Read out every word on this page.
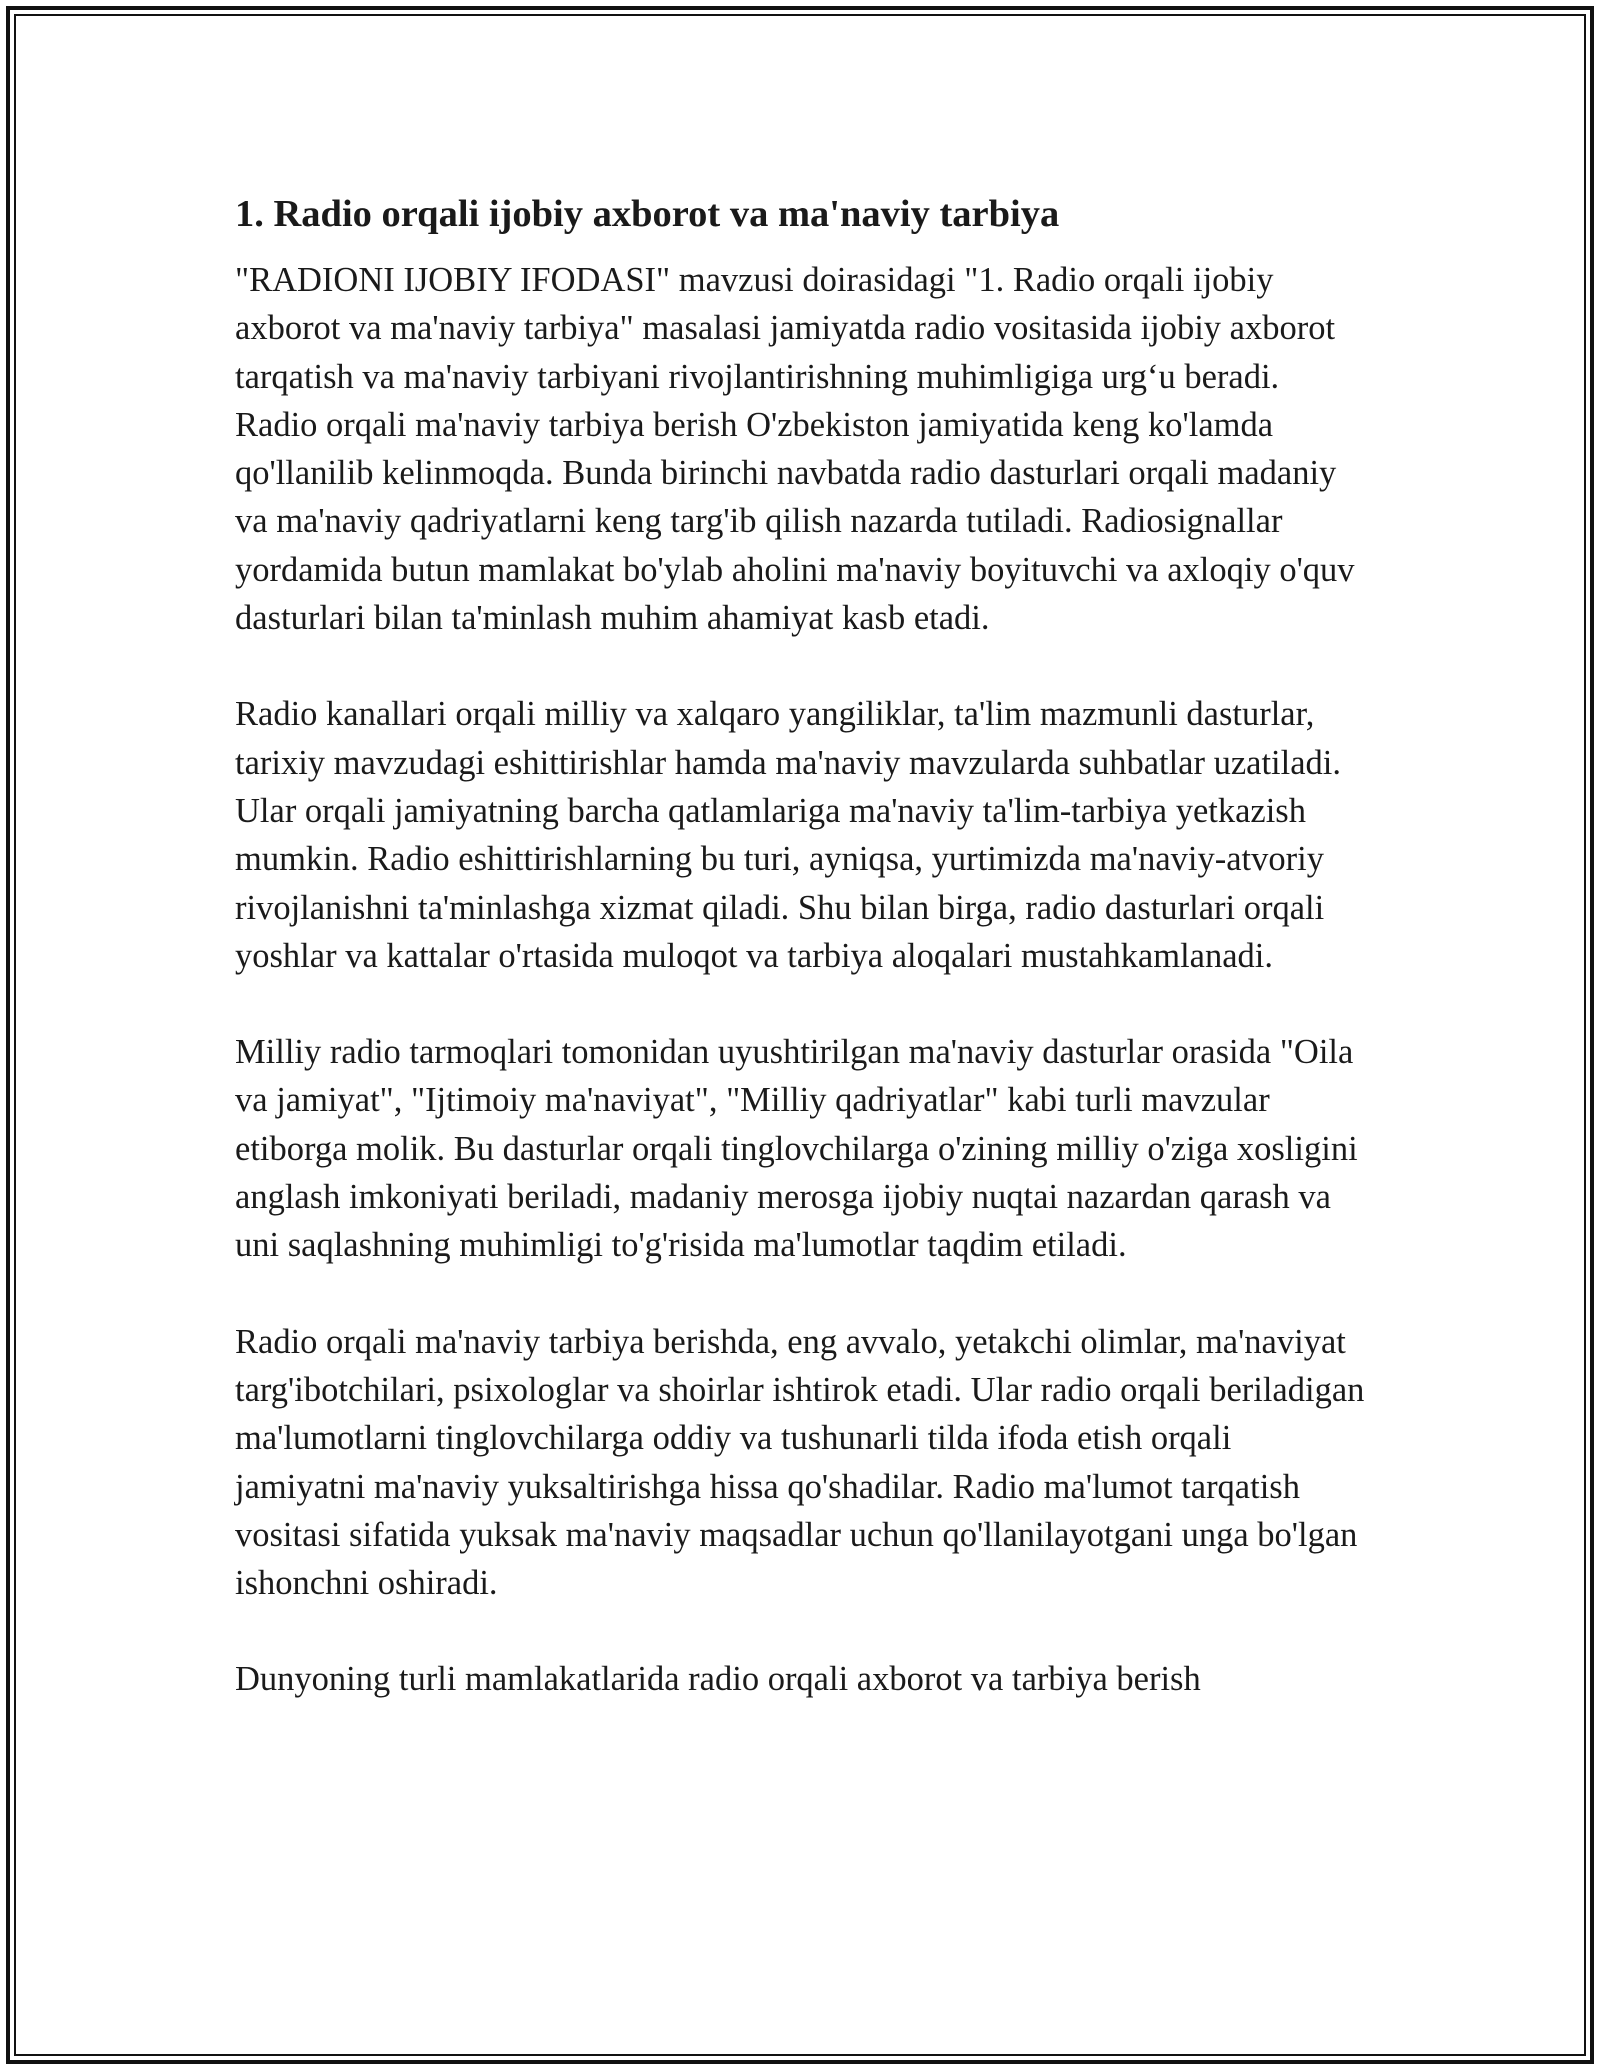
1. Radio orqali ijobiy axborot va ma'naviy tarbiya

"RADIONI IJOBIY IFODASI" mavzusi doirasidagi "1. Radio orqali ijobiy axborot va ma'naviy tarbiya" masalasi jamiyatda radio vositasida ijobiy axborot tarqatish va ma'naviy tarbiyani rivojlantirishning muhimligiga urg‘u beradi. Radio orqali ma'naviy tarbiya berish O'zbekiston jamiyatida keng ko'lamda qo'llanilib kelinmoqda. Bunda birinchi navbatda radio dasturlari orqali madaniy va ma'naviy qadriyatlarni keng targ'ib qilish nazarda tutiladi. Radiosignallar yordamida butun mamlakat bo'ylab aholini ma'naviy boyituvchi va axloqiy o'quv dasturlari bilan ta'minlash muhim ahamiyat kasb etadi.

Radio kanallari orqali milliy va xalqaro yangiliklar, ta'lim mazmunli dasturlar, tarixiy mavzudagi eshittirishlar hamda ma'naviy mavzularda suhbatlar uzatiladi. Ular orqali jamiyatning barcha qatlamlariga ma'naviy ta'lim-tarbiya yetkazish mumkin. Radio eshittirishlarning bu turi, ayniqsa, yurtimizda ma'naviy-atvoriy rivojlanishni ta'minlashga xizmat qiladi. Shu bilan birga, radio dasturlari orqali yoshlar va kattalar o'rtasida muloqot va tarbiya aloqalari mustahkamlanadi.

Milliy radio tarmoqlari tomonidan uyushtirilgan ma'naviy dasturlar orasida "Oila va jamiyat", "Ijtimoiy ma'naviyat", "Milliy qadriyatlar" kabi turli mavzular etiborga molik. Bu dasturlar orqali tinglovchilarga o'zining milliy o'ziga xosligini anglash imkoniyati beriladi, madaniy merosga ijobiy nuqtai nazardan qarash va uni saqlashning muhimligi to'g'risida ma'lumotlar taqdim etiladi.

Radio orqali ma'naviy tarbiya berishda, eng avvalo, yetakchi olimlar, ma'naviyat targ'ibotchilari, psixologlar va shoirlar ishtirok etadi. Ular radio orqali beriladigan ma'lumotlarni tinglovchilarga oddiy va tushunarli tilda ifoda etish orqali jamiyatni ma'naviy yuksaltirishga hissa qo'shadilar. Radio ma'lumot tarqatish vositasi sifatida yuksak ma'naviy maqsadlar uchun qo'llanilayotgani unga bo'lgan ishonchni oshiradi.

Dunyoning turli mamlakatlarida radio orqali axborot va tarbiya berish
